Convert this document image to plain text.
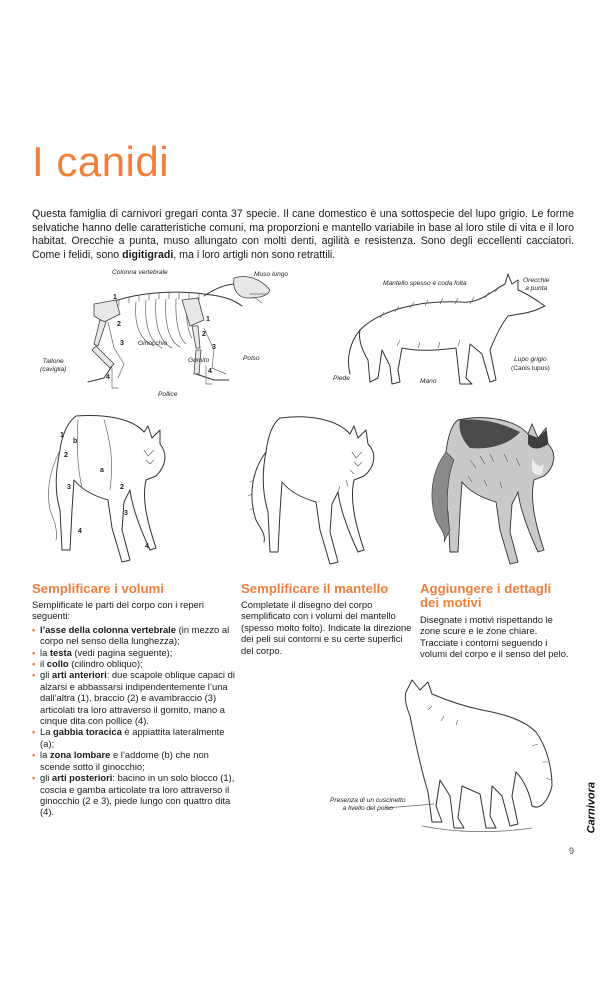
I canidi
Questa famiglia di carnivori gregari conta 37 specie. Il cane domestico è una sottospecie del lupo grigio. Le forme selvatiche hanno delle caratteristiche comuni, ma proporzioni e mantello variabile in base al loro stile di vita e il loro habitat. Orecchie a punta, muso allungato con molti denti, agilità e resistenza. Sono degli eccellenti cacciatori. Come i felidi, sono digitigradi, ma i loro artigli non sono retrattili.
Colonna vertebrale	Muso lungo
Tallone
(caviglia)
Ginocchio
Gomito	Polso
Pollice
1
2
3
4
1
2
3
4
Mantello spesso e coda folta	Orecchie
a punta
Piede	Mano
Lupo grigio
(Canis lupus)
1
b
2
a
3	2
3
4
4
Semplificare i volumi
Semplificate le parti del corpo con i reperi seguenti:
• l’asse della colonna vertebrale (in mezzo al corpo nel senso della lunghezza);
• la testa (vedi pagina seguente);
• il collo (cilindro obliquo);
• gli arti anteriori: due scapole oblique capaci di alzarsi e abbassarsi indipendentemente l’una dall’altra (1), braccio (2) e avambraccio (3) articolati tra loro attraverso il gomito, mano a cinque dita con pollice (4).
• La gabbia toracica è appiattita lateralmente (a);
• la zona lombare e l’addome (b) che non scende sotto il ginocchio;
• gli arti posteriori: bacino in un solo blocco (1), coscia e gamba articolate tra loro attraverso il ginocchio (2 e 3), piede lungo con quattro dita (4).
Semplificare il mantello
Completate il disegno del corpo semplificato con i volumi del mantello (spesso molto folto). Indicate la direzione dei peli sui contorni e su certe superfici del corpo.
Aggiungere i dettagli dei motivi
Disegnate i motivi rispettando le zone scure e le zone chiare. Tracciate i contorni seguendo i volumi del corpo e il senso del pelo.
Presenza di un cuscinetto
a livello del polso	Carnivora
9
